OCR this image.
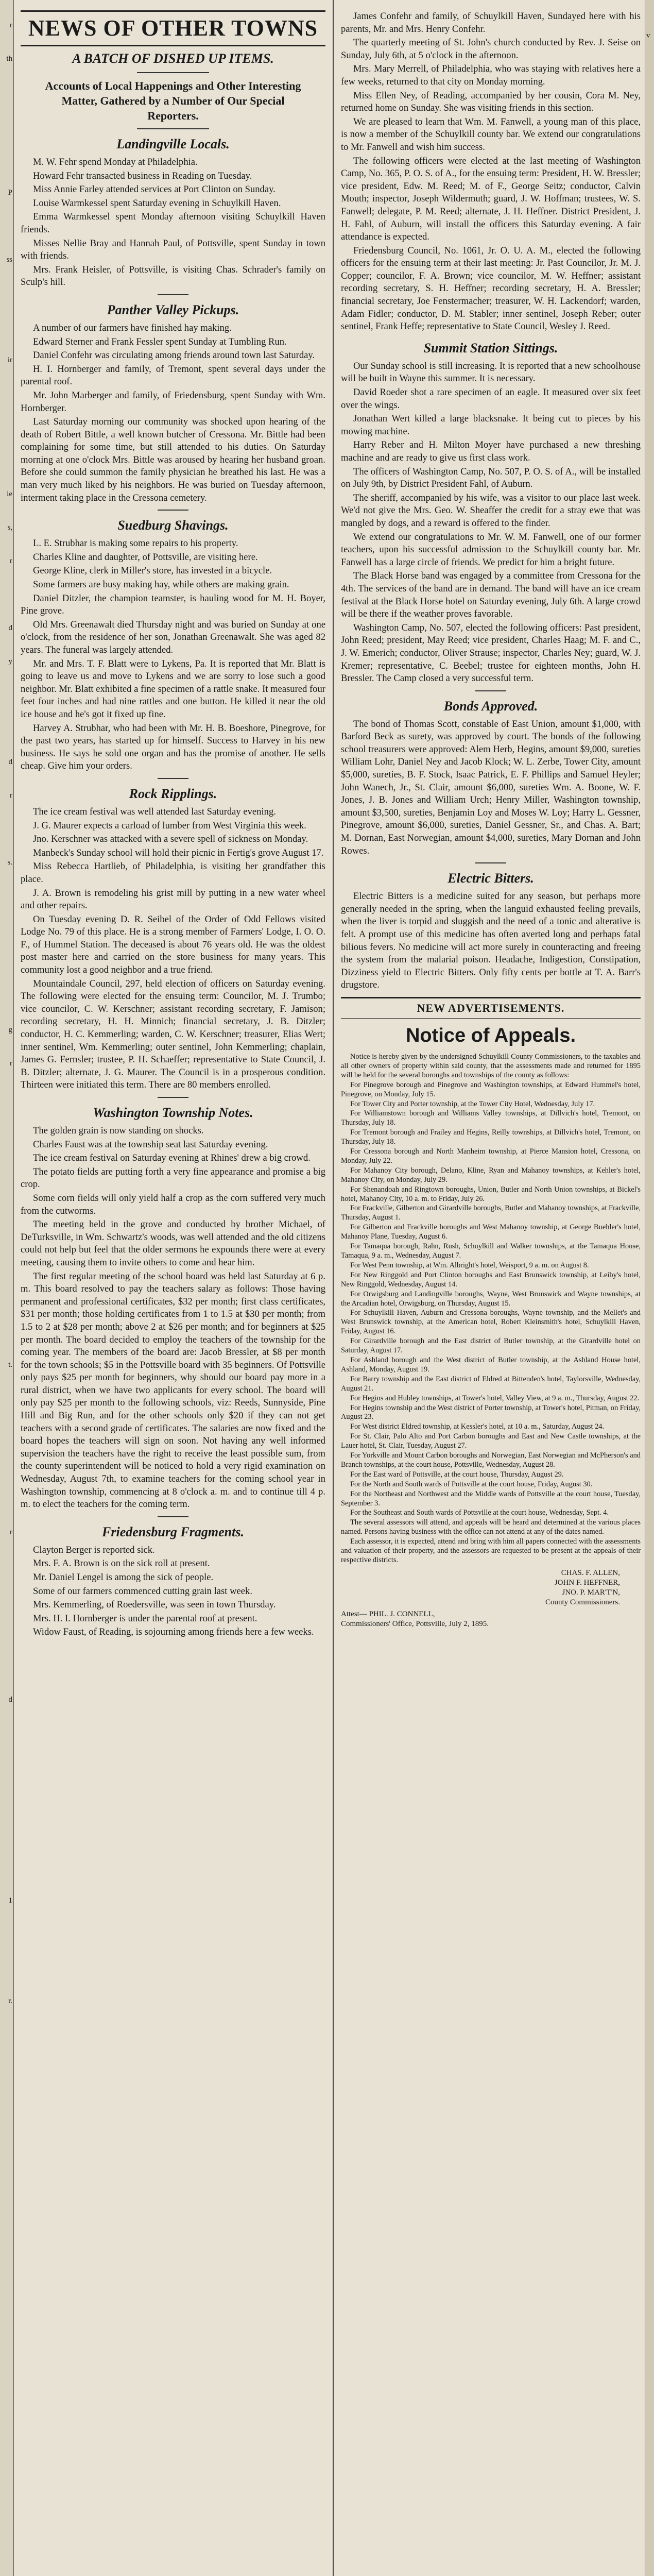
r
th
P
ss
ir
ie
s,
r
d
y
d
r
s.
g
r
t.
r
d
1
r.
NEWS OF OTHER TOWNS
A BATCH OF DISHED UP ITEMS.
Accounts of Local Happenings and Other Interesting Matter, Gathered by a Number of Our Special Reporters.
Landingville Locals.

M. W. Fehr spend Monday at Philadelphia.

Howard Fehr transacted business in Reading on Tuesday.

Miss Annie Farley attended services at Port Clinton on Sunday.

Louise Warmkessel spent Saturday evening in Schuylkill Haven.

Emma Warmkessel spent Monday afternoon visiting Schuylkill Haven friends.

Misses Nellie Bray and Hannah Paul, of Pottsville, spent Sunday in town with friends.

Mrs. Frank Heisler, of Pottsville, is visiting Chas. Schrader's family on Sculp's hill.

Panther Valley Pickups.

A number of our farmers have finished hay making.

Edward Sterner and Frank Fessler spent Sunday at Tumbling Run.

Daniel Confehr was circulating among friends around town last Saturday.

H. I. Hornberger and family, of Tremont, spent several days under the parental roof.

Mr. John Marberger and family, of Friedensburg, spent Sunday with Wm. Hornberger.

Last Saturday morning our community was shocked upon hearing of the death of Robert Bittle, a well known butcher of Cressona. Mr. Bittle had been complaining for some time, but still attended to his duties. On Saturday morning at one o'clock Mrs. Bittle was aroused by hearing her husband groan. Before she could summon the family physician he breathed his last. He was a man very much liked by his neighbors. He was buried on Tuesday afternoon, interment taking place in the Cressona cemetery.

Suedburg Shavings.

L. E. Strubhar is making some repairs to his property.

Charles Kline and daughter, of Pottsville, are visiting here.

George Kline, clerk in Miller's store, has invested in a bicycle.

Some farmers are busy making hay, while others are making grain.

Daniel Ditzler, the champion teamster, is hauling wood for M. H. Boyer, Pine grove.

Old Mrs. Greenawalt died Thursday night and was buried on Sunday at one o'clock, from the residence of her son, Jonathan Greenawalt. She was aged 82 years. The funeral was largely attended.

Mr. and Mrs. T. F. Blatt were to Lykens, Pa. It is reported that Mr. Blatt is going to leave us and move to Lykens and we are sorry to lose such a good neighbor. Mr. Blatt exhibited a fine specimen of a rattle snake. It measured four feet four inches and had nine rattles and one button. He killed it near the old ice house and he's got it fixed up fine.

Harvey A. Strubhar, who had been with Mr. H. B. Boeshore, Pinegrove, for the past two years, has started up for himself. Success to Harvey in his new business. He says he sold one organ and has the promise of another. He sells cheap. Give him your orders.

Rock Ripplings.

The ice cream festival was well attended last Saturday evening.

J. G. Maurer expects a carload of lumber from West Virginia this week.

Jno. Kerschner was attacked with a severe spell of sickness on Monday.

Manbeck's Sunday school will hold their picnic in Fertig's grove August 17.

Miss Rebecca Hartlieb, of Philadelphia, is visiting her grandfather this place.

J. A. Brown is remodeling his grist mill by putting in a new water wheel and other repairs.

On Tuesday evening D. R. Seibel of the Order of Odd Fellows visited Lodge No. 79 of this place. He is a strong member of Farmers' Lodge, I. O. O. F., of Hummel Station. The deceased is about 76 years old. He was the oldest post master here and carried on the store business for many years. This community lost a good neighbor and a true friend.

Mountaindale Council, 297, held election of officers on Saturday evening. The following were elected for the ensuing term: Councilor, M. J. Trumbo; vice councilor, C. W. Kerschner; assistant recording secretary, F. Jamison; recording secretary, H. H. Minnich; financial secretary, J. B. Ditzler; conductor, H. C. Kemmerling; warden, C. W. Kerschner; treasurer, Elias Wert; inner sentinel, Wm. Kemmerling; outer sentinel, John Kemmerling; chaplain, James G. Fernsler; trustee, P. H. Schaeffer; representative to State Council, J. B. Ditzler; alternate, J. G. Maurer. The Council is in a prosperous condition. Thirteen were initiated this term. There are 80 members enrolled.

Washington Township Notes.

The golden grain is now standing on shocks.

Charles Faust was at the township seat last Saturday evening.

The ice cream festival on Saturday evening at Rhines' drew a big crowd.

The potato fields are putting forth a very fine appearance and promise a big crop.

Some corn fields will only yield half a crop as the corn suffered very much from the cutworms.

The meeting held in the grove and conducted by brother Michael, of DeTurksville, in Wm. Schwartz's woods, was well attended and the old citizens could not help but feel that the older sermons he expounds there were at every meeting, causing them to invite others to come and hear him.

The first regular meeting of the school board was held last Saturday at 6 p. m. This board resolved to pay the teachers salary as follows: Those having permanent and professional certificates, $32 per month; first class certificates, $31 per month; those holding certificates from 1 to 1.5 at $30 per month; from 1.5 to 2 at $28 per month; above 2 at $26 per month; and for beginners at $25 per month. The board decided to employ the teachers of the township for the coming year. The members of the board are: Jacob Bressler, at $8 per month for the town schools; $5 in the Pottsville board with 35 beginners. Of Pottsville only pays $25 per month for beginners, why should our board pay more in a rural district, when we have two applicants for every school. The board will only pay $25 per month to the following schools, viz: Reeds, Sunnyside, Pine Hill and Big Run, and for the other schools only $20 if they can not get teachers with a second grade of certificates. The salaries are now fixed and the board hopes the teachers will sign on soon. Not having any well informed supervision the teachers have the right to receive the least possible sum, from the county superintendent will be noticed to hold a very rigid examination on Wednesday, August 7th, to examine teachers for the coming school year in Washington township, commencing at 8 o'clock a. m. and to continue till 4 p. m. to elect the teachers for the coming term.

Friedensburg Fragments.

Clayton Berger is reported sick.

Mrs. F. A. Brown is on the sick roll at present.

Mr. Daniel Lengel is among the sick of people.

Some of our farmers commenced cutting grain last week.

Mrs. Kemmerling, of Roedersville, was seen in town Thursday.

Mrs. H. I. Hornberger is under the parental roof at present.

Widow Faust, of Reading, is sojourning among friends here a few weeks.

James Confehr and family, of Schuylkill Haven, Sundayed here with his parents, Mr. and Mrs. Henry Confehr.

The quarterly meeting of St. John's church conducted by Rev. J. Seise on Sunday, July 6th, at 5 o'clock in the afternoon.

Mrs. Mary Merrell, of Philadelphia, who was staying with relatives here a few weeks, returned to that city on Monday morning.

Miss Ellen Ney, of Reading, accompanied by her cousin, Cora M. Ney, returned home on Sunday. She was visiting friends in this section.

We are pleased to learn that Wm. M. Fanwell, a young man of this place, is now a member of the Schuylkill county bar. We extend our congratulations to Mr. Fanwell and wish him success.

The following officers were elected at the last meeting of Washington Camp, No. 365, P. O. S. of A., for the ensuing term: President, H. W. Bressler; vice president, Edw. M. Reed; M. of F., George Seitz; conductor, Calvin Mouth; inspector, Joseph Wildermuth; guard, J. W. Hoffman; trustees, W. S. Fanwell; delegate, P. M. Reed; alternate, J. H. Heffner. District President, J. H. Fahl, of Auburn, will install the officers this Saturday evening. A fair attendance is expected.

Friedensburg Council, No. 1061, Jr. O. U. A. M., elected the following officers for the ensuing term at their last meeting: Jr. Past Councilor, Jr. M. J. Copper; councilor, F. A. Brown; vice councilor, M. W. Heffner; assistant recording secretary, S. H. Heffner; recording secretary, H. A. Bressler; financial secretary, Joe Fenstermacher; treasurer, W. H. Lackendorf; warden, Adam Fidler; conductor, D. M. Stabler; inner sentinel, Joseph Reber; outer sentinel, Frank Heffe; representative to State Council, Wesley J. Reed.

Summit Station Sittings.

Our Sunday school is still increasing. It is reported that a new schoolhouse will be built in Wayne this summer. It is necessary.

David Roeder shot a rare specimen of an eagle. It measured over six feet over the wings.

Jonathan Wert killed a large blacksnake. It being cut to pieces by his mowing machine.

Harry Reber and H. Milton Moyer have purchased a new threshing machine and are ready to give us first class work.

The officers of Washington Camp, No. 507, P. O. S. of A., will be installed on July 9th, by District President Fahl, of Auburn.

The sheriff, accompanied by his wife, was a visitor to our place last week. We'd not give the Mrs. Geo. W. Sheaffer the credit for a stray ewe that was mangled by dogs, and a reward is offered to the finder.

We extend our congratulations to Mr. W. M. Fanwell, one of our former teachers, upon his successful admission to the Schuylkill county bar. Mr. Fanwell has a large circle of friends. We predict for him a bright future.

The Black Horse band was engaged by a committee from Cressona for the 4th. The services of the band are in demand. The band will have an ice cream festival at the Black Horse hotel on Saturday evening, July 6th. A large crowd will be there if the weather proves favorable.

Washington Camp, No. 507, elected the following officers: Past president, John Reed; president, May Reed; vice president, Charles Haag; M. F. and C., J. W. Emerich; conductor, Oliver Strause; inspector, Charles Ney; guard, W. J. Kremer; representative, C. Beebel; trustee for eighteen months, John H. Bressler. The Camp closed a very successful term.

Bonds Approved.

The bond of Thomas Scott, constable of East Union, amount $1,000, with Barford Beck as surety, was approved by court. The bonds of the following school treasurers were approved: Alem Herb, Hegins, amount $9,000, sureties William Lohr, Daniel Ney and Jacob Klock; W. L. Zerbe, Tower City, amount $5,000, sureties, B. F. Stock, Isaac Patrick, E. F. Phillips and Samuel Heyler; John Wanech, Jr., St. Clair, amount $6,000, sureties Wm. A. Boone, W. F. Jones, J. B. Jones and William Urch; Henry Miller, Washington township, amount $3,500, sureties, Benjamin Loy and Moses W. Loy; Harry L. Gessner, Pinegrove, amount $6,000, sureties, Daniel Gessner, Sr., and Chas. A. Bart; M. Dornan, East Norwegian, amount $4,000, sureties, Mary Dornan and John Rowes.

Electric Bitters.

Electric Bitters is a medicine suited for any season, but perhaps more generally needed in the spring, when the languid exhausted feeling prevails, when the liver is torpid and sluggish and the need of a tonic and alterative is felt. A prompt use of this medicine has often averted long and perhaps fatal bilious fevers. No medicine will act more surely in counteracting and freeing the system from the malarial poison. Headache, Indigestion, Constipation, Dizziness yield to Electric Bitters. Only fifty cents per bottle at T. A. Barr's drugstore.

NEW ADVERTISEMENTS.
Notice of Appeals.

Notice is hereby given by the undersigned Schuylkill County Commissioners, to the taxables and all other owners of property within said county, that the assessments made and returned for 1895 will be held for the several boroughs and townships of the county as follows:

For Pinegrove borough and Pinegrove and Washington townships, at Edward Hummel's hotel, Pinegrove, on Monday, July 15.

For Tower City and Porter township, at the Tower City Hotel, Wednesday, July 17.

For Williamstown borough and Williams Valley townships, at Dillvich's hotel, Tremont, on Thursday, July 18.

For Tremont borough and Frailey and Hegins, Reilly townships, at Dillvich's hotel, Tremont, on Thursday, July 18.

For Cressona borough and North Manheim township, at Pierce Mansion hotel, Cressona, on Monday, July 22.

For Mahanoy City borough, Delano, Kline, Ryan and Mahanoy townships, at Kehler's hotel, Mahanoy City, on Monday, July 29.

For Shenandoah and Ringtown boroughs, Union, Butler and North Union townships, at Bickel's hotel, Mahanoy City, 10 a. m. to Friday, July 26.

For Frackville, Gilberton and Girardville boroughs, Butler and Mahanoy townships, at Frackville, Thursday, August 1.

For Gilberton and Frackville boroughs and West Mahanoy township, at George Buehler's hotel, Mahanoy Plane, Tuesday, August 6.

For Tamaqua borough, Rahn, Rush, Schuylkill and Walker townships, at the Tamaqua House, Tamaqua, 9 a. m., Wednesday, August 7.

For West Penn township, at Wm. Albright's hotel, Weisport, 9 a. m. on August 8.

For New Ringgold and Port Clinton boroughs and East Brunswick township, at Leiby's hotel, New Ringgold, Wednesday, August 14.

For Orwigsburg and Landingville boroughs, Wayne, West Brunswick and Wayne townships, at the Arcadian hotel, Orwigsburg, on Thursday, August 15.

For Schuylkill Haven, Auburn and Cressona boroughs, Wayne township, and the Mellet's and West Brunswick township, at the American hotel, Robert Kleinsmith's hotel, Schuylkill Haven, Friday, August 16.

For Girardville borough and the East district of Butler township, at the Girardville hotel on Saturday, August 17.

For Ashland borough and the West district of Butler township, at the Ashland House hotel, Ashland, Monday, August 19.

For Barry township and the East district of Eldred at Bittenden's hotel, Taylorsville, Wednesday, August 21.

For Hegins and Hubley townships, at Tower's hotel, Valley View, at 9 a. m., Thursday, August 22.

For Hegins township and the West district of Porter township, at Tower's hotel, Pitman, on Friday, August 23.

For West district Eldred township, at Kessler's hotel, at 10 a. m., Saturday, August 24.

For St. Clair, Palo Alto and Port Carbon boroughs and East and New Castle townships, at the Lauer hotel, St. Clair, Tuesday, August 27.

For Yorkville and Mount Carbon boroughs and Norwegian, East Norwegian and McPherson's and Branch townships, at the court house, Pottsville, Wednesday, August 28.

For the East ward of Pottsville, at the court house, Thursday, August 29.

For the North and South wards of Pottsville at the court house, Friday, August 30.

For the Northeast and Northwest and the Middle wards of Pottsville at the court house, Tuesday, September 3.

For the Southeast and South wards of Pottsville at the court house, Wednesday, Sept. 4.

The several assessors will attend, and appeals will be heard and determined at the various places named. Persons having business with the office can not attend at any of the dates named.

Each assessor, it is expected, attend and bring with him all papers connected with the assessments and valuation of their property, and the assessors are requested to be present at the appeals of their respective districts.

CHAS. F. ALLEN,
JOHN F. HEFFNER,
JNO. P. MAR'T'N,
County Commissioners.
Attest— PHIL. J. CONNELL,
Commissioners' Office, Pottsville, July 2, 1895.
v
